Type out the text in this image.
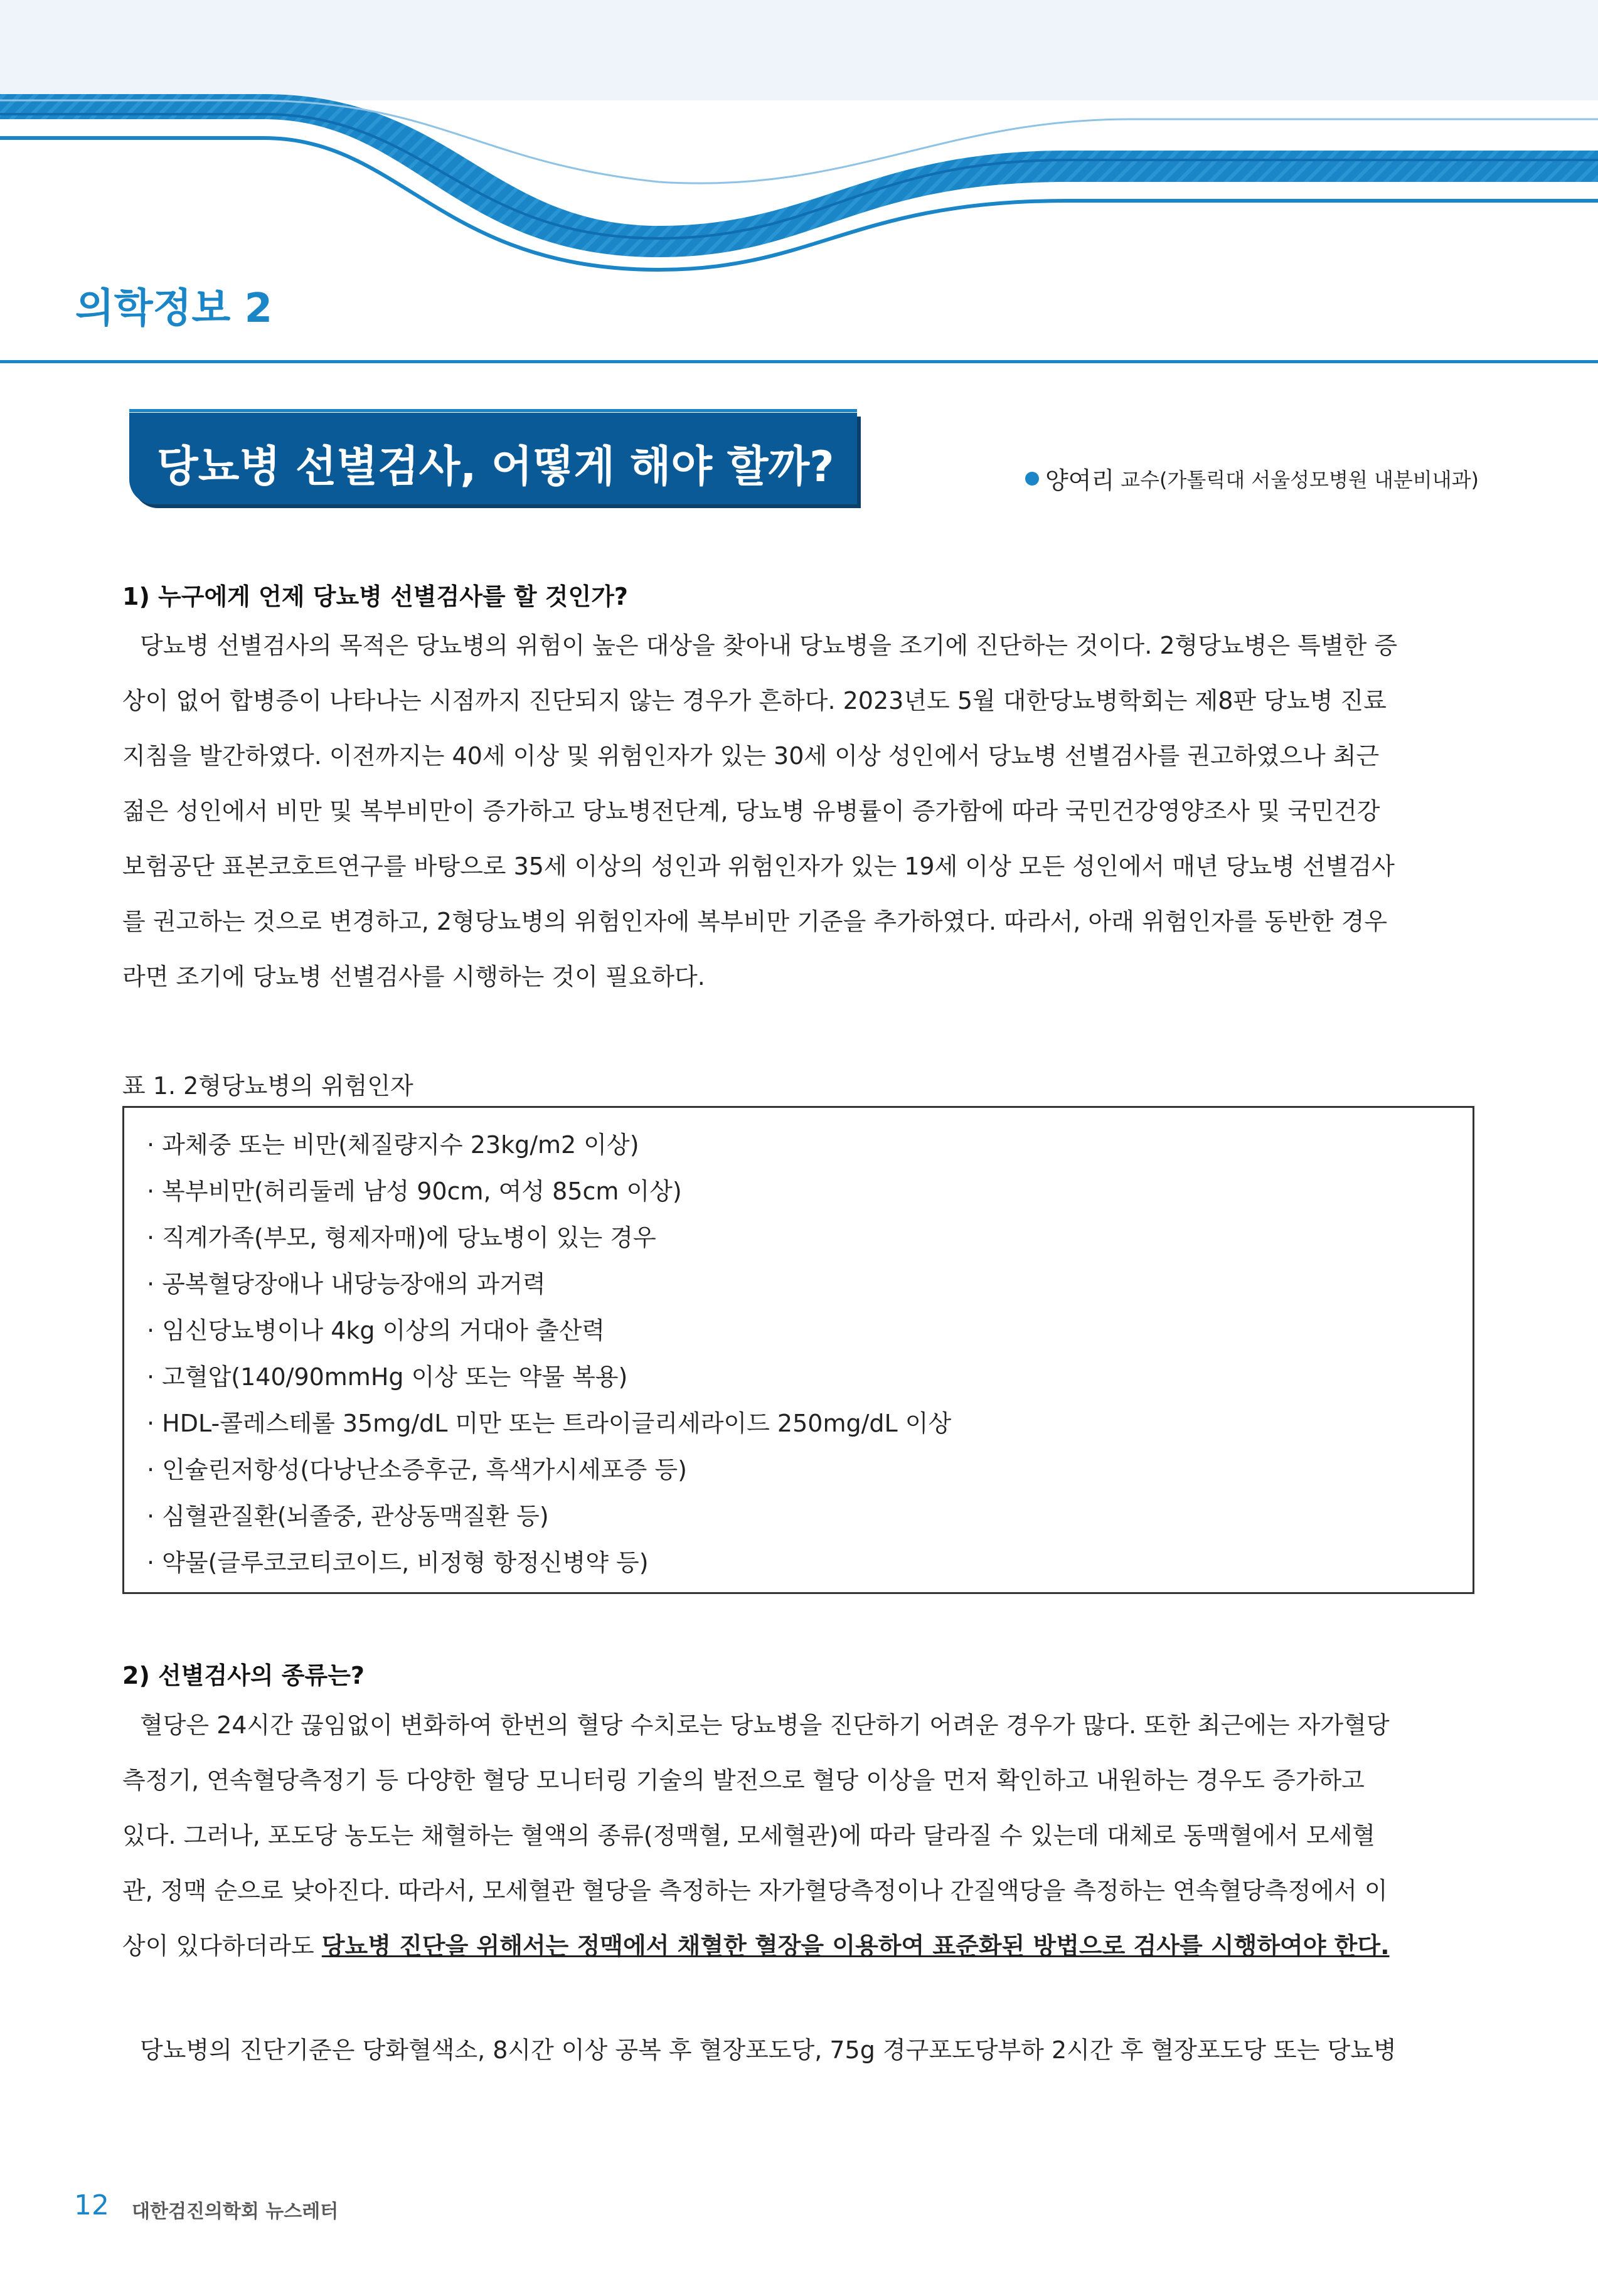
의학정보 2
당뇨병 선별검사, 어떻게 해야 할까?	양여리 교수(가톨릭대 서울성모병원 내분비내과)
1) 누구에게 언제 당뇨병 선별검사를 할 것인가?
당뇨병 선별검사의 목적은 당뇨병의 위험이 높은 대상을 찾아내 당뇨병을 조기에 진단하는 것이다. 2형당뇨병은 특별한 증
상이 없어 합병증이 나타나는 시점까지 진단되지 않는 경우가 흔하다. 2023년도 5월 대한당뇨병학회는 제8판 당뇨병 진료
지침을 발간하였다. 이전까지는 40세 이상 및 위험인자가 있는 30세 이상 성인에서 당뇨병 선별검사를 권고하였으나 최근
젊은 성인에서 비만 및 복부비만이 증가하고 당뇨병전단계, 당뇨병 유병률이 증가함에 따라 국민건강영양조사 및 국민건강
보험공단 표본코호트연구를 바탕으로 35세 이상의 성인과 위험인자가 있는 19세 이상 모든 성인에서 매년 당뇨병 선별검사
를 권고하는 것으로 변경하고, 2형당뇨병의 위험인자에 복부비만 기준을 추가하였다. 따라서, 아래 위험인자를 동반한 경우
라면 조기에 당뇨병 선별검사를 시행하는 것이 필요하다.
표 1. 2형당뇨병의 위험인자
· 과체중 또는 비만(체질량지수 23kg/m2 이상)
· 복부비만(허리둘레 남성 90cm, 여성 85cm 이상)
· 직계가족(부모, 형제자매)에 당뇨병이 있는 경우
· 공복혈당장애나 내당능장애의 과거력
· 임신당뇨병이나 4kg 이상의 거대아 출산력
· 고혈압(140/90mmHg 이상 또는 약물 복용)
· HDL-콜레스테롤 35mg/dL 미만 또는 트라이글리세라이드 250mg/dL 이상
· 인슐린저항성(다낭난소증후군, 흑색가시세포증 등)
· 심혈관질환(뇌졸중, 관상동맥질환 등)
· 약물(글루코코티코이드, 비정형 항정신병약 등)
2) 선별검사의 종류는?
혈당은 24시간 끊임없이 변화하여 한번의 혈당 수치로는 당뇨병을 진단하기 어려운 경우가 많다. 또한 최근에는 자가혈당
측정기, 연속혈당측정기 등 다양한 혈당 모니터링 기술의 발전으로 혈당 이상을 먼저 확인하고 내원하는 경우도 증가하고
있다. 그러나, 포도당 농도는 채혈하는 혈액의 종류(정맥혈, 모세혈관)에 따라 달라질 수 있는데 대체로 동맥혈에서 모세혈
관, 정맥 순으로 낮아진다. 따라서, 모세혈관 혈당을 측정하는 자가혈당측정이나 간질액당을 측정하는 연속혈당측정에서 이
상이 있다하더라도 당뇨병 진단을 위해서는 정맥에서 채혈한 혈장을 이용하여 표준화된 방법으로 검사를 시행하여야 한다.
당뇨병의 진단기준은 당화혈색소, 8시간 이상 공복 후 혈장포도당, 75g 경구포도당부하 2시간 후 혈장포도당 또는 당뇨병
12 대한검진의학회 뉴스레터
